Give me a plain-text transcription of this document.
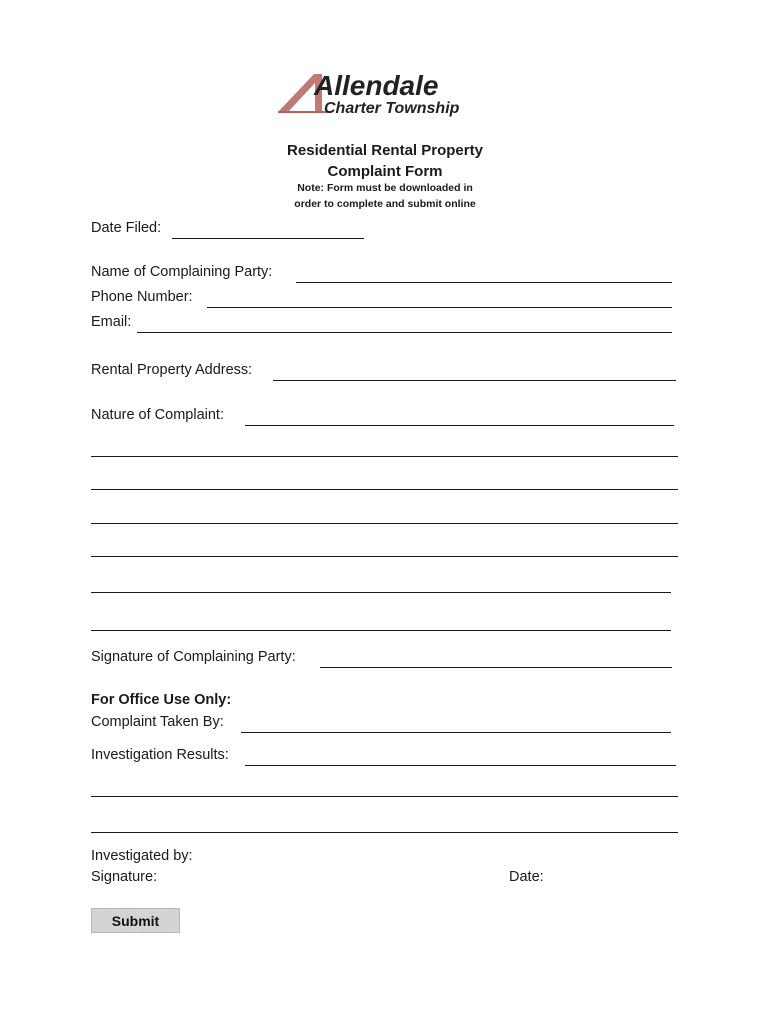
Allendale
Charter Township
Residential Rental Property
Complaint Form
Note: Form must be downloaded in
order to complete and submit online
Date Filed:
Name of Complaining Party:
Phone Number:
Email:
Rental Property Address:
Nature of Complaint:
Signature of Complaining Party:
For Office Use Only:
Complaint Taken By:
Investigation Results:
Investigated by:
Signature:	Date:
Submit
